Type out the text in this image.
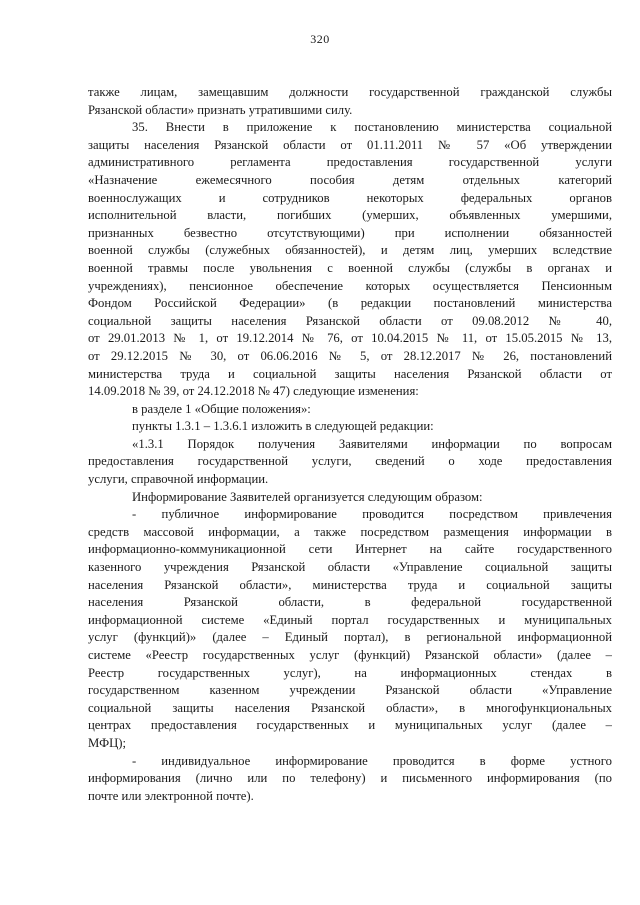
320
также лицам, замещавшим должности государственной гражданской службы
Рязанской области» признать утратившими силу.
35. Внести в приложение к постановлению министерства социальной
защиты населения Рязанской области от 01.11.2011 № 57 «Об утверждении
административного регламента предоставления государственной услуги
«Назначение ежемесячного пособия детям отдельных категорий
военнослужащих и сотрудников некоторых федеральных органов
исполнительной власти, погибших (умерших, объявленных умершими,
признанных безвестно отсутствующими) при исполнении обязанностей
военной службы (служебных обязанностей), и детям лиц, умерших вследствие
военной травмы после увольнения с военной службы (службы в органах и
учреждениях), пенсионное обеспечение которых осуществляется Пенсионным
Фондом Российской Федерации» (в редакции постановлений министерства
социальной защиты населения Рязанской области от 09.08.2012 № 40,
от 29.01.2013 № 1, от 19.12.2014 № 76, от 10.04.2015 № 11, от 15.05.2015 № 13,
от 29.12.2015 № 30, от 06.06.2016 № 5, от 28.12.2017 № 26, постановлений
министерства труда и социальной защиты населения Рязанской области от
14.09.2018 № 39, от 24.12.2018 № 47) следующие изменения:
в разделе 1 «Общие положения»:
пункты 1.3.1 – 1.3.6.1 изложить в следующей редакции:
«1.3.1 Порядок получения Заявителями информации по вопросам
предоставления государственной услуги, сведений о ходе предоставления
услуги, справочной информации.
Информирование Заявителей организуется следующим образом:
- публичное информирование проводится посредством привлечения
средств массовой информации, а также посредством размещения информации в
информационно-коммуникационной сети Интернет на сайте государственного
казенного учреждения Рязанской области «Управление социальной защиты
населения Рязанской области», министерства труда и социальной защиты
населения Рязанской области, в федеральной государственной
информационной системе «Единый портал государственных и муниципальных
услуг (функций)» (далее – Единый портал), в региональной информационной
системе «Реестр государственных услуг (функций) Рязанской области» (далее –
Реестр государственных услуг), на информационных стендах в
государственном казенном учреждении Рязанской области «Управление
социальной защиты населения Рязанской области», в многофункциональных
центрах предоставления государственных и муниципальных услуг (далее –
МФЦ);
- индивидуальное информирование проводится в форме устного
информирования (лично или по телефону) и письменного информирования (по
почте или электронной почте).
